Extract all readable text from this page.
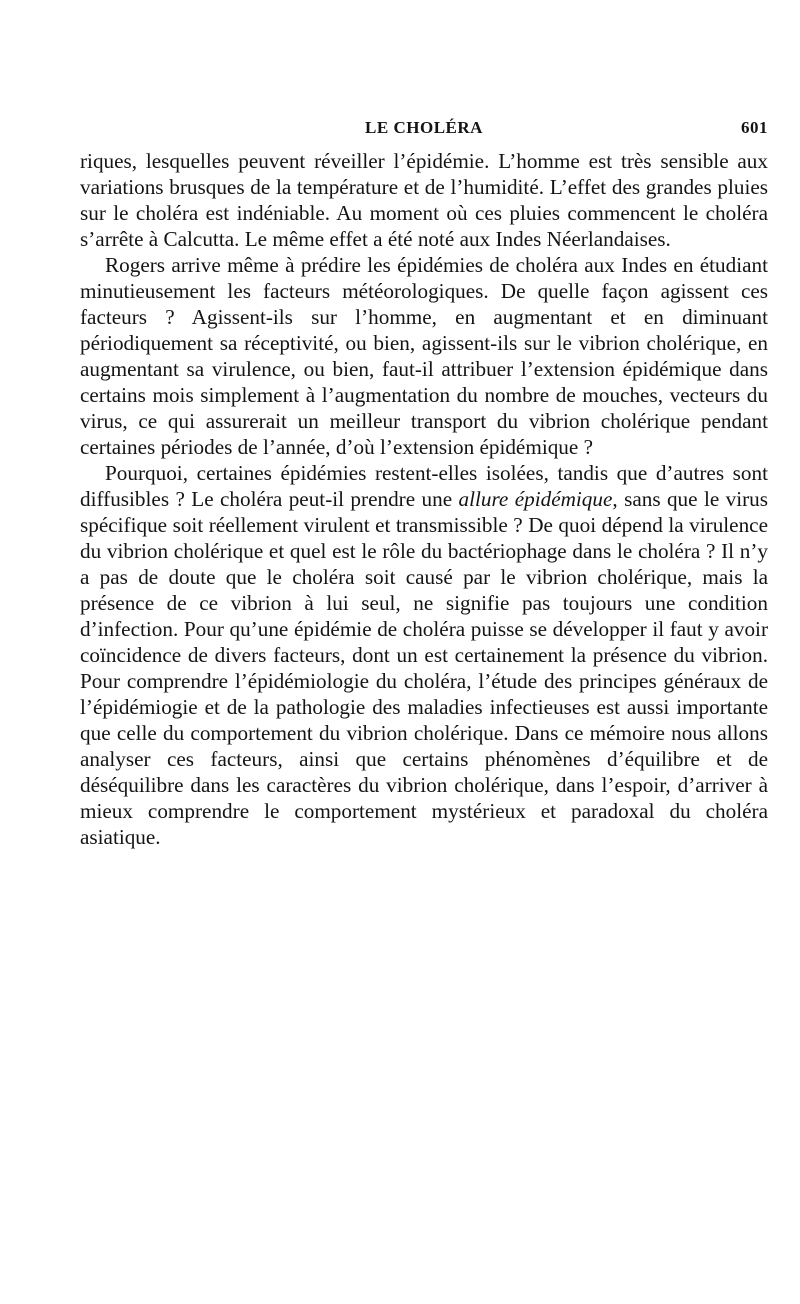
LE CHOLÉRA	601

riques, lesquelles peuvent réveiller l’épidémie. L’homme est très sensible aux variations brusques de la température et de l’humidité. L’effet des grandes pluies sur le choléra est indéniable. Au moment où ces pluies commencent le choléra s’arrête à Calcutta. Le même effet a été noté aux Indes Néerlandaises.

Rogers arrive même à prédire les épidémies de choléra aux Indes en étudiant minutieusement les facteurs météorologiques. De quelle façon agissent ces facteurs ? Agissent-ils sur l’homme, en augmentant et en diminuant périodiquement sa réceptivité, ou bien, agissent-ils sur le vibrion cholérique, en augmentant sa virulence, ou bien, faut-il attribuer l’extension épidémique dans certains mois simplement à l’augmentation du nombre de mouches, vecteurs du virus, ce qui assurerait un meilleur transport du vibrion cholérique pendant certaines périodes de l’année, d’où l’extension épidémique ?

Pourquoi, certaines épidémies restent-elles isolées, tandis que d’autres sont diffusibles ? Le choléra peut-il prendre une allure épidémique, sans que le virus spécifique soit réellement virulent et transmissible ? De quoi dépend la virulence du vibrion cholérique et quel est le rôle du bactériophage dans le choléra ? Il n’y a pas de doute que le choléra soit causé par le vibrion cholérique, mais la présence de ce vibrion à lui seul, ne signifie pas toujours une condition d’infection. Pour qu’une épidémie de choléra puisse se développer il faut y avoir coïncidence de divers facteurs, dont un est certainement la présence du vibrion. Pour comprendre l’épidémiologie du choléra, l’étude des principes généraux de l’épidémiogie et de la pathologie des maladies infectieuses est aussi importante que celle du comportement du vibrion cholérique. Dans ce mémoire nous allons analyser ces facteurs, ainsi que certains phénomènes d’équilibre et de déséquilibre dans les caractères du vibrion cholérique, dans l’espoir, d’arriver à mieux comprendre le comportement mystérieux et paradoxal du choléra asiatique.
